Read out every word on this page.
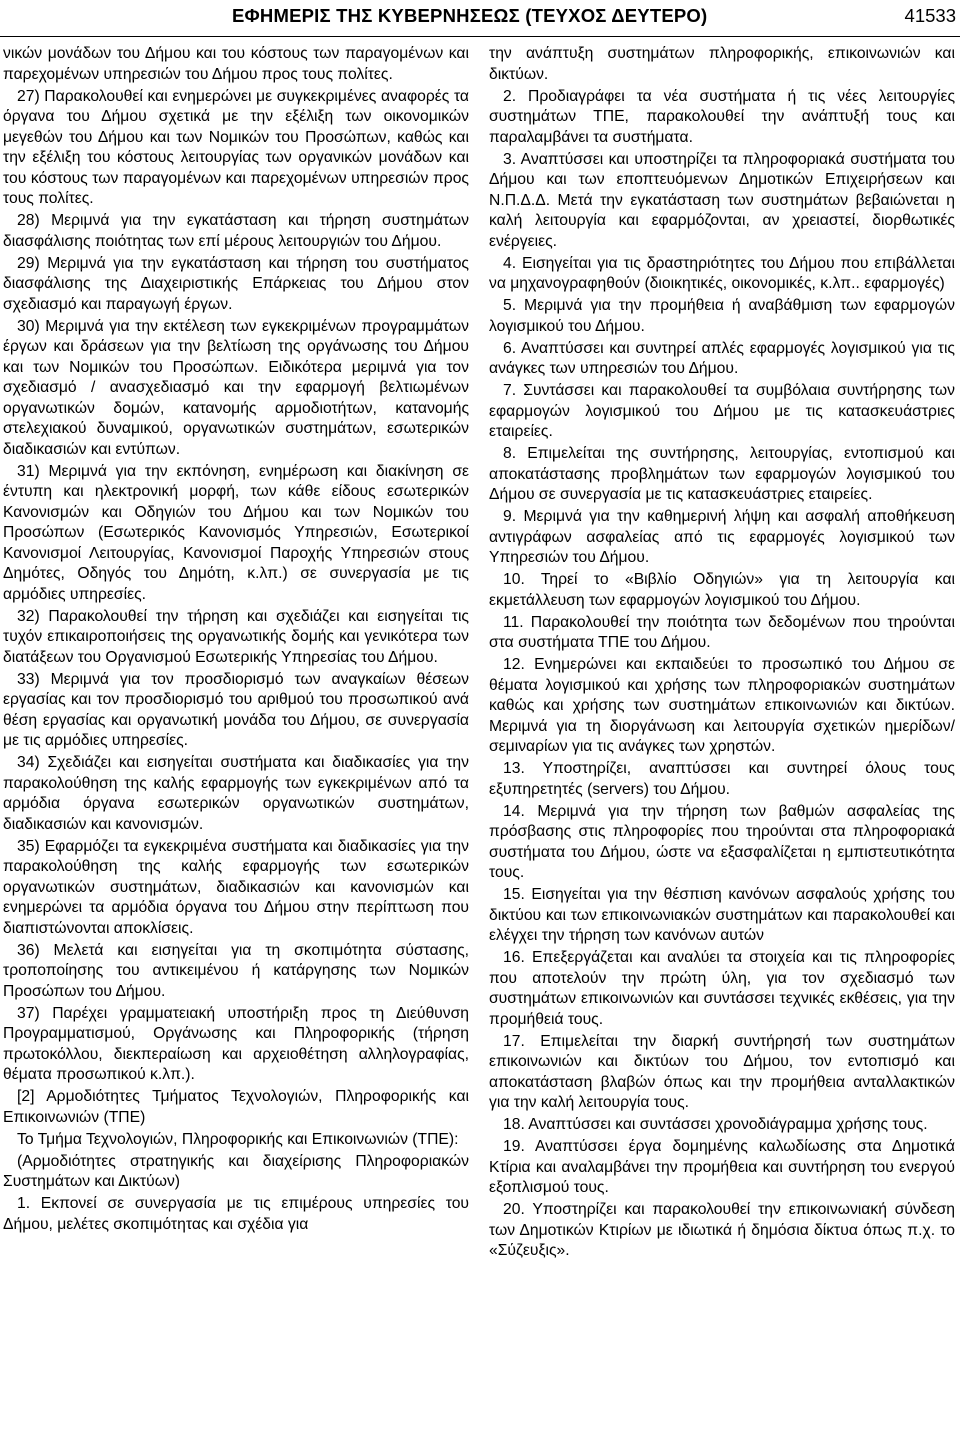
ΕΦΗΜΕΡΙΣ ΤΗΣ ΚΥΒΕΡΝΗΣΕΩΣ (ΤΕΥΧΟΣ ΔΕΥΤΕΡΟ)	41533

νικών μονάδων του Δήμου και του κόστους των παραγομένων και παρεχομένων υπηρεσιών του Δήμου προς τους πολίτες.

27) Παρακολουθεί και ενημερώνει με συγκεκριμένες αναφορές τα όργανα του Δήμου σχετικά με την εξέλιξη των οικονομικών μεγεθών του Δήμου και των Νομικών του Προσώπων, καθώς και την εξέλιξη του κόστους λειτουργίας των οργανικών μονάδων και του κόστους των παραγομένων και παρεχομένων υπηρεσιών προς τους πολίτες.

28) Μεριμνά για την εγκατάσταση και τήρηση συστημάτων διασφάλισης ποιότητας των επί μέρους λειτουργιών του Δήμου.

29) Μεριμνά για την εγκατάσταση και τήρηση του συστήματος διασφάλισης της Διαχειριστικής Επάρκειας του Δήμου στον σχεδιασμό και παραγωγή έργων.

30) Μεριμνά για την εκτέλεση των εγκεκριμένων προγραμμάτων έργων και δράσεων για την βελτίωση της οργάνωσης του Δήμου και των Νομικών του Προσώπων. Ειδικότερα μεριμνά για τον σχεδιασμό / ανασχεδιασμό και την εφαρμογή βελτιωμένων οργανωτικών δομών, κατανομής αρμοδιοτήτων, κατανομής στελεχιακού δυναμικού, οργανωτικών συστημάτων, εσωτερικών διαδικασιών και εντύπων.

31) Μεριμνά για την εκπόνηση, ενημέρωση και διακίνηση σε έντυπη και ηλεκτρονική μορφή, των κάθε είδους εσωτερικών Κανονισμών και Οδηγιών του Δήμου και των Νομικών του Προσώπων (Εσωτερικός Κανονισμός Υπηρεσιών, Εσωτερικοί Κανονισμοί Λειτουργίας, Κανονισμοί Παροχής Υπηρεσιών στους Δημότες, Οδηγός του Δημότη, κ.λπ.) σε συνεργασία με τις αρμόδιες υπηρεσίες.

32) Παρακολουθεί την τήρηση και σχεδιάζει και εισηγείται τις τυχόν επικαιροποιήσεις της οργανωτικής δομής και γενικότερα των διατάξεων του Οργανισμού Εσωτερικής Υπηρεσίας του Δήμου.

33) Μεριμνά για τον προσδιορισμό των αναγκαίων θέσεων εργασίας και τον προσδιορισμό του αριθμού του προσωπικού ανά θέση εργασίας και οργανωτική μονάδα του Δήμου, σε συνεργασία με τις αρμόδιες υπηρεσίες.

34) Σχεδιάζει και εισηγείται συστήματα και διαδικασίες για την παρακολούθηση της καλής εφαρμογής των εγκεκριμένων από τα αρμόδια όργανα εσωτερικών οργανωτικών συστημάτων, διαδικασιών και κανονισμών.

35) Εφαρμόζει τα εγκεκριμένα συστήματα και διαδικασίες για την παρακολούθηση της καλής εφαρμογής των εσωτερικών οργανωτικών συστημάτων, διαδικασιών και κανονισμών και ενημερώνει τα αρμόδια όργανα του Δήμου στην περίπτωση που διαπιστώνονται αποκλίσεις.

36) Μελετά και εισηγείται για τη σκοπιμότητα σύστασης, τροποποίησης του αντικειμένου ή κατάργησης των Νομικών Προσώπων του Δήμου.

37) Παρέχει γραμματειακή υποστήριξη προς τη Διεύθυνση Προγραμματισμού, Οργάνωσης και Πληροφορικής (τήρηση πρωτοκόλλου, διεκπεραίωση και αρχειοθέτηση αλληλογραφίας, θέματα προσωπικού κ.λπ.).

[2] Αρμοδιότητες Τμήματος Τεχνολογιών, Πληροφορικής και Επικοινωνιών (ΤΠΕ)

Το Τμήμα Τεχνολογιών, Πληροφορικής και Επικοινωνιών (ΤΠΕ):

(Αρμοδιότητες στρατηγικής και διαχείρισης Πληροφοριακών Συστημάτων και Δικτύων)

1. Εκπονεί σε συνεργασία με τις επιμέρους υπηρεσίες του Δήμου, μελέτες σκοπιμότητας και σχέδια για

την ανάπτυξη συστημάτων πληροφορικής, επικοινωνιών και δικτύων.

2. Προδιαγράφει τα νέα συστήματα ή τις νέες λειτουργίες συστημάτων ΤΠΕ, παρακολουθεί την ανάπτυξή τους και παραλαμβάνει τα συστήματα.

3. Αναπτύσσει και υποστηρίζει τα πληροφοριακά συστήματα του Δήμου και των εποπτευόμενων Δημοτικών Επιχειρήσεων και Ν.Π.Δ.Δ. Μετά την εγκατάσταση των συστημάτων βεβαιώνεται η καλή λειτουργία και εφαρμόζονται, αν χρειαστεί, διορθωτικές ενέργειες.

4. Εισηγείται για τις δραστηριότητες του Δήμου που επιβάλλεται να μηχανογραφηθούν (διοικητικές, οικονομικές, κ.λπ.. εφαρμογές)

5. Μεριμνά για την προμήθεια ή αναβάθμιση των εφαρμογών λογισμικού του Δήμου.

6. Αναπτύσσει και συντηρεί απλές εφαρμογές λογισμικού για τις ανάγκες των υπηρεσιών του Δήμου.

7. Συντάσσει και παρακολουθεί τα συμβόλαια συντήρησης των εφαρμογών λογισμικού του Δήμου με τις κατασκευάστριες εταιρείες.

8. Επιμελείται της συντήρησης, λειτουργίας, εντοπισμού και αποκατάστασης προβλημάτων των εφαρμογών λογισμικού του Δήμου σε συνεργασία με τις κατασκευάστριες εταιρείες.

9. Μεριμνά για την καθημερινή λήψη και ασφαλή αποθήκευση αντιγράφων ασφαλείας από τις εφαρμογές λογισμικού των Υπηρεσιών του Δήμου.

10. Τηρεί το «Βιβλίο Οδηγιών» για τη λειτουργία και εκμετάλλευση των εφαρμογών λογισμικού του Δήμου.

11. Παρακολουθεί την ποιότητα των δεδομένων που τηρούνται στα συστήματα ΤΠΕ του Δήμου.

12. Ενημερώνει και εκπαιδεύει το προσωπικό του Δήμου σε θέματα λογισμικού και χρήσης των πληροφοριακών συστημάτων καθώς και χρήσης των συστημάτων επικοινωνιών και δικτύων. Μεριμνά για τη διοργάνωση και λειτουργία σχετικών ημερίδων/σεμιναρίων για τις ανάγκες των χρηστών.

13. Υποστηρίζει, αναπτύσσει και συντηρεί όλους τους εξυπηρετητές (servers) του Δήμου.

14. Μεριμνά για την τήρηση των βαθμών ασφαλείας της πρόσβασης στις πληροφορίες που τηρούνται στα πληροφοριακά συστήματα του Δήμου, ώστε να εξασφαλίζεται η εμπιστευτικότητα τους.

15. Εισηγείται για την θέσπιση κανόνων ασφαλούς χρήσης του δικτύου και των επικοινωνιακών συστημάτων και παρακολουθεί και ελέγχει την τήρηση των κανόνων αυτών

16. Επεξεργάζεται και αναλύει τα στοιχεία και τις πληροφορίες που αποτελούν την πρώτη ύλη, για τον σχεδιασμό των συστημάτων επικοινωνιών και συντάσσει τεχνικές εκθέσεις, για την προμήθειά τους.

17. Επιμελείται την διαρκή συντήρησή των συστημάτων επικοινωνιών και δικτύων του Δήμου, τον εντοπισμό και αποκατάσταση βλαβών όπως και την προμήθεια ανταλλακτικών για την καλή λειτουργία τους.

18. Αναπτύσσει και συντάσσει χρονοδιάγραμμα χρήσης τους.

19. Αναπτύσσει έργα δομημένης καλωδίωσης στα Δημοτικά Κτίρια και αναλαμβάνει την προμήθεια και συντήρηση του ενεργού εξοπλισμού τους.

20. Υποστηρίζει και παρακολουθεί την επικοινωνιακή σύνδεση των Δημοτικών Κτιρίων με ιδιωτικά ή δημόσια δίκτυα όπως π.χ. το «Σύζευξις».
